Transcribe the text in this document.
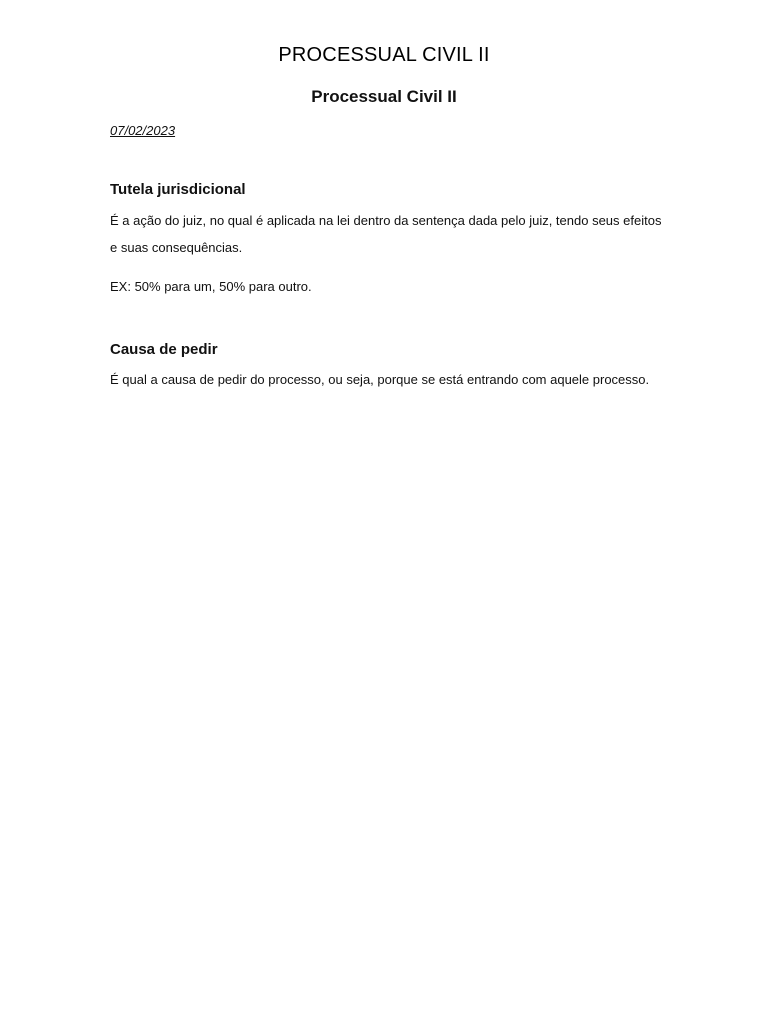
PROCESSUAL CIVIL II
Processual Civil II
07/02/2023
Tutela jurisdicional
É a ação do juiz, no qual é aplicada na lei dentro da sentença dada pelo juiz, tendo seus efeitos e suas consequências.
EX: 50% para um, 50% para outro.
Causa de pedir
É qual a causa de pedir do processo, ou seja, porque se está entrando com aquele processo.
